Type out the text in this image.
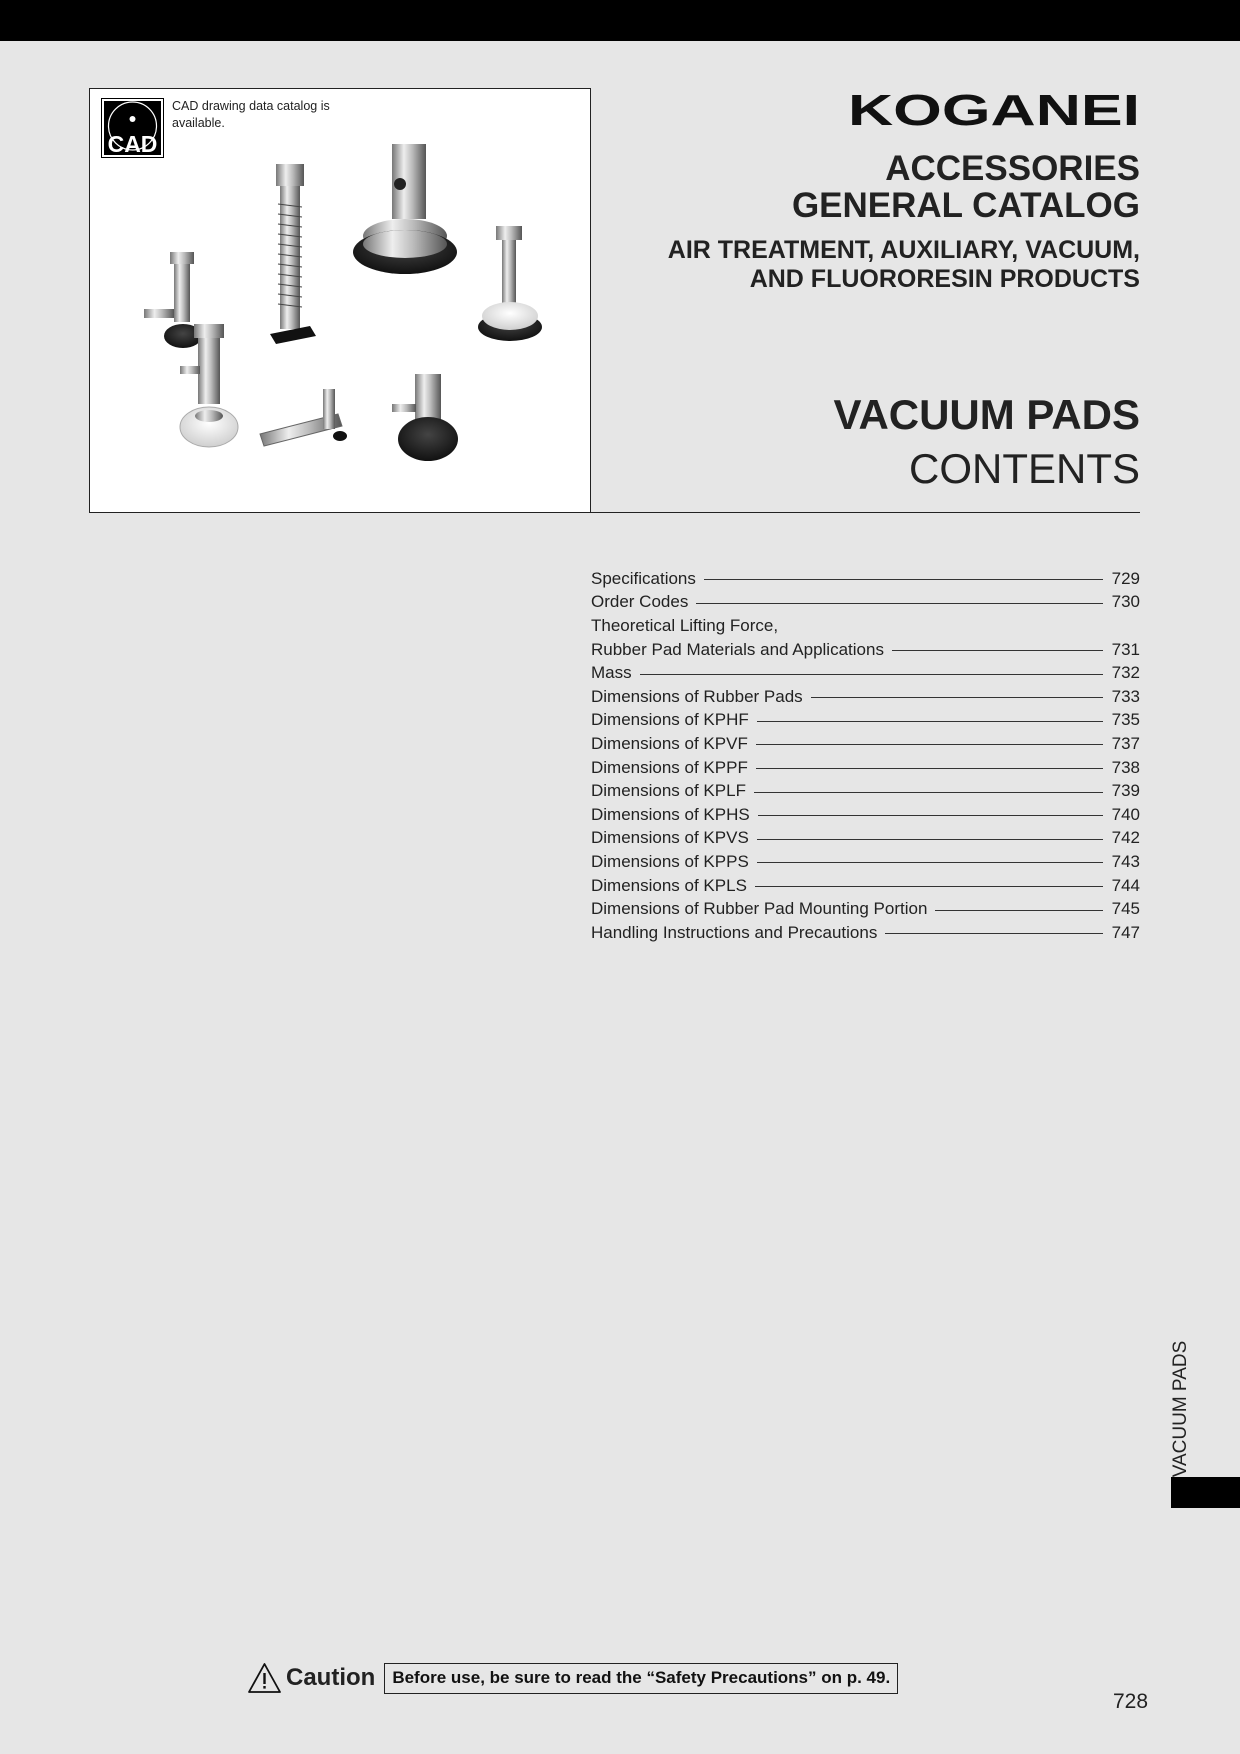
CAD
CAD drawing data catalog is available.	KOGANEI
ACCESSORIES
GENERAL CATALOG
AIR TREATMENT, AUXILIARY, VACUUM,
AND FLUORORESIN PRODUCTS
VACUUM PADS
CONTENTS
Specifications	729
Order Codes	730
Theoretical Lifting Force,
Rubber Pad Materials and Applications	731
Mass	732
Dimensions of Rubber Pads	733
Dimensions of KPHF	735
Dimensions of KPVF	737
Dimensions of KPPF	738
Dimensions of KPLF	739
Dimensions of KPHS	740
Dimensions of KPVS	742
Dimensions of KPPS	743
Dimensions of KPLS	744
Dimensions of Rubber Pad Mounting Portion	745
Handling Instructions and Precautions	747
VACUUM PADS
Caution	Before use, be sure to read the “Safety Precautions” on p. 49.
728
